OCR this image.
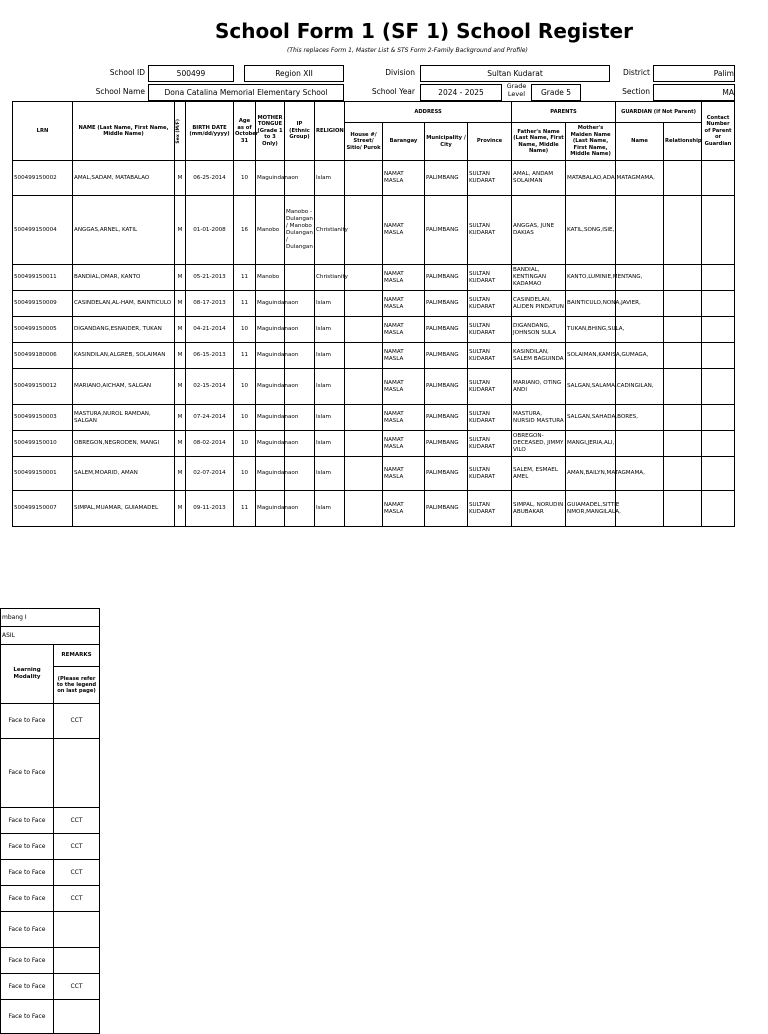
School Form 1 (SF 1) School Register
(This replaces Form 1, Master List & STS Form 2-Family Background and Profile)
School ID	500499	Region XII	Division	Sultan Kudarat	District	Palim
School Name	Dona Catalina Memorial Elementary School	School Year	2024 - 2025
Grade Level	Grade 5	Section	MA
LRN	NAME (Last Name, First Name, Middle Name)	Sex (M/F)	BIRTH DATE (mm/dd/yyyy)	Age as of October 31	MOTHER TONGUE (Grade 1 to 3 Only)	IP (Ethnic Group)	RELIGION	ADDRESS				PARENTS		GUARDIAN (if Not Parent)		Contact Number of Parent or Guardian
								House #/ Street/ Sitio/ Purok	Barangay	Municipality / City	Province	Father's Name (Last Name, First Name, Middle Name)	Mother's Maiden Name (Last Name, First Name, Middle Name)	Name	Relationship	
500499150002	AMAL,SADAM, MATABALAO	M	06-25-2014	10	Maguindanaon		Islam		NAMAT MASLA	PALIMBANG	SULTAN KUDARAT	AMAL, ANDAM SOLAIMAN	MATABALAO,ADA,MATAGMAMA,			
500499150004	ANGGAS,ARNEL, KATIL	M	01-01-2008	16	Manobo	Manobo - Dulangan / Manobo Dulangan / Dulangan	Christianity		NAMAT MASLA	PALIMBANG	SULTAN KUDARAT	ANGGAS, JUNE DAKIAS	KATIL,SONG,ISIE,			
500499150011	BANDIAL,OMAR, KANTO	M	05-21-2013	11	Manobo		Christianity		NAMAT MASLA	PALIMBANG	SULTAN KUDARAT	BANDIAL, KENTINGAN KADAMAO	KANTO,LUMINIE,MENTANG,			
500499150009	CASINDELAN,AL-HAM, BAINTICULO	M	08-17-2013	11	Maguindanaon		Islam		NAMAT MASLA	PALIMBANG	SULTAN KUDARAT	CASINDELAN, ALIDEN PINDATUN	BAINTICULO,NONA,JAVIER,			
500499150005	DIGANDANG,ESNAIDER, TUKAN	M	04-21-2014	10	Maguindanaon		Islam		NAMAT MASLA	PALIMBANG	SULTAN KUDARAT	DIGANDANG, JOHNSON SULA	TUKAN,BHING,SULA,			
500499180006	KASINDILAN,ALGREB, SOLAIMAN	M	06-15-2013	11	Maguindanaon		Islam		NAMAT MASLA	PALIMBANG	SULTAN KUDARAT	KASINDILAN, SALEM BAGUINDA	SOLAIMAN,KAMISA,GUMAGA,			
500499150012	MARIANO,AICHAM, SALGAN	M	02-15-2014	10	Maguindanaon		Islam		NAMAT MASLA	PALIMBANG	SULTAN KUDARAT	MARIANO, OTING ANDI	SALGAN,SALAMA,CADINGILAN,			
500499150003	MASTURA,NUROL RAMDAN, SALGAN	M	07-24-2014	10	Maguindanaon		Islam		NAMAT MASLA	PALIMBANG	SULTAN KUDARAT	MASTURA, NURSID MASTURA	SALGAN,SAHADA,BORES,			
500499150010	OBREGON,NEGRODEN, MANGI	M	08-02-2014	10	Maguindanaon		Islam		NAMAT MASLA	PALIMBANG	SULTAN KUDARAT	OBREGON-DECEASED, JIMMY VILO	MANGI,JERIA,ALI,			
500499150001	SALEM,MOARID, AMAN	M	02-07-2014	10	Maguindanaon		Islam		NAMAT MASLA	PALIMBANG	SULTAN KUDARAT	SALEM, ESMAEL AMEL	AMAN,BAILYN,MATAGMAMA,			
500499150007	SIMPAL,MUAMAR, GUIAMADEL	M	09-11-2013	11	Maguindanaon		Islam		NAMAT MASLA	PALIMBANG	SULTAN KUDARAT	SIMPAL, NORUDIN ABUBAKAR	GUIAMADEL,SITTIE NMOR,MANGILALA,			
mbang I	
ASIL	
Learning Modality	REMARKS
	(Please refer to the legend on last page)
Face to Face	CCT
Face to Face	
Face to Face	CCT
Face to Face	CCT
Face to Face	CCT
Face to Face	CCT
Face to Face	
Face to Face	
Face to Face	CCT
Face to Face	
